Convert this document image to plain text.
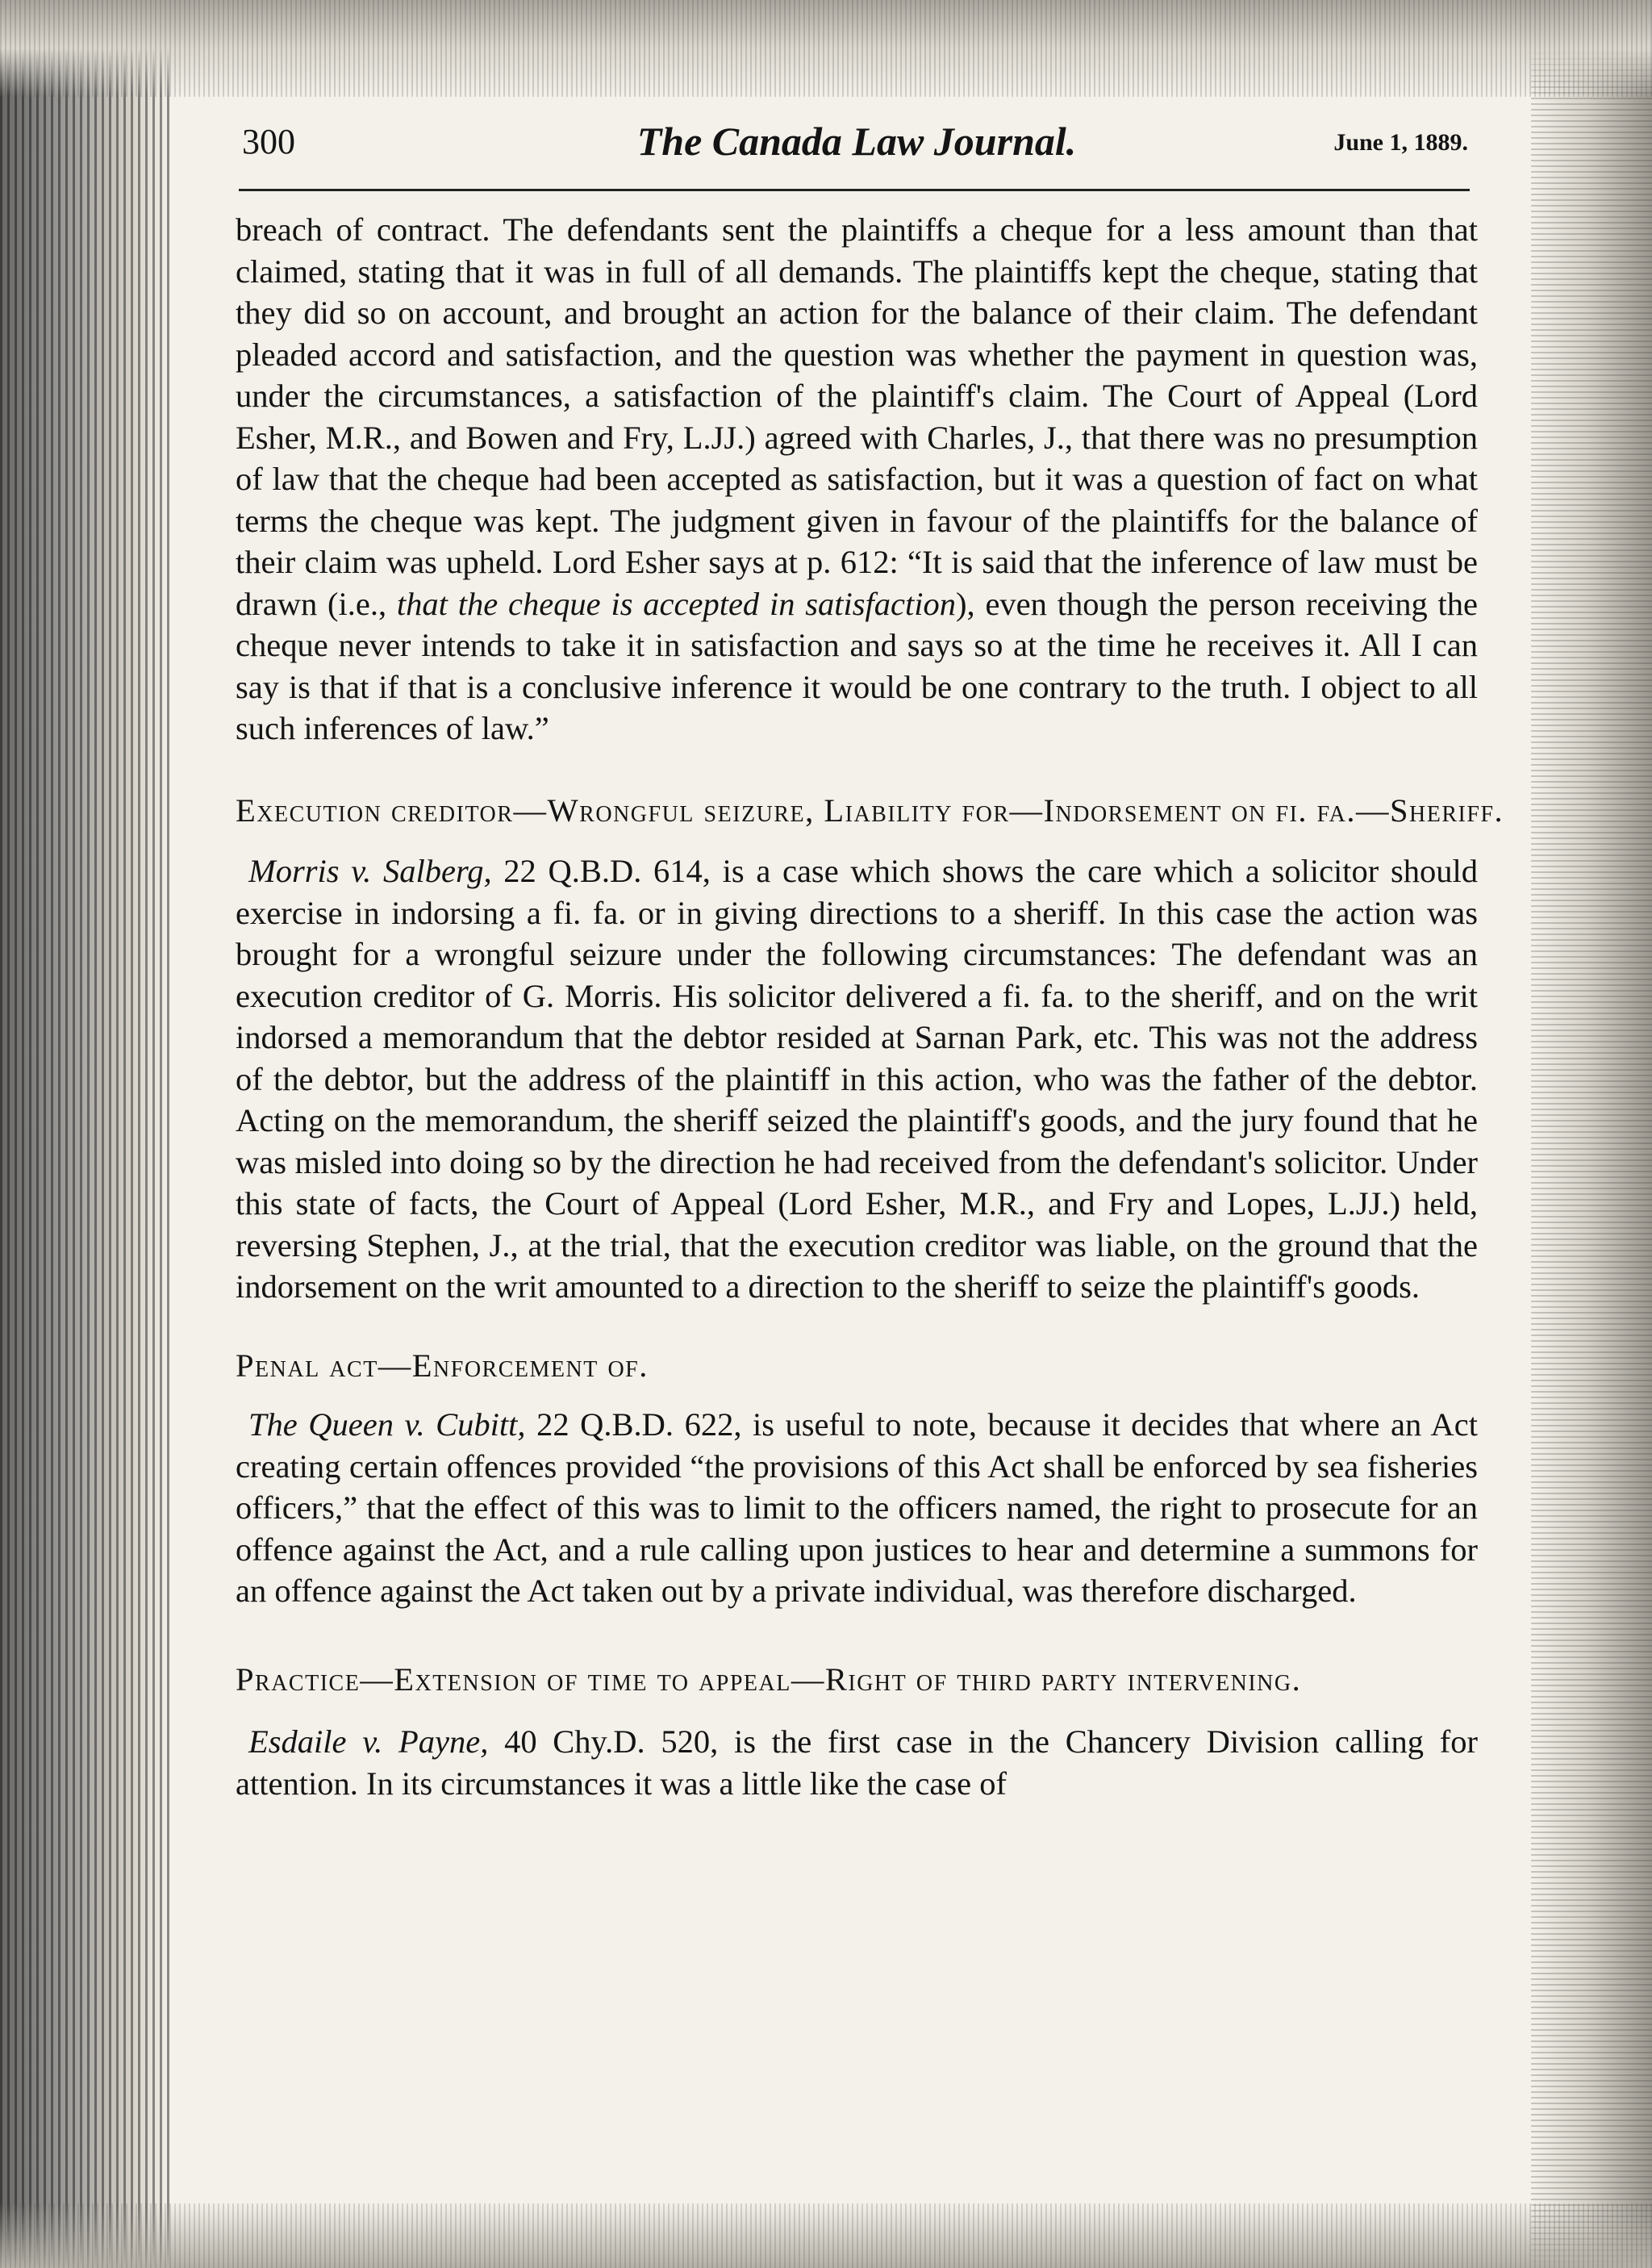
300	The Canada Law Journal.	June 1, 1889.

breach of contract. The defendants sent the plaintiffs a cheque for a less amount than that claimed, stating that it was in full of all demands. The plaintiffs kept the cheque, stating that they did so on account, and brought an action for the balance of their claim. The defendant pleaded accord and satisfaction, and the question was whether the payment in question was, under the circumstances, a satisfaction of the plaintiff's claim. The Court of Appeal (Lord Esher, M.R., and Bowen and Fry, L.JJ.) agreed with Charles, J., that there was no presumption of law that the cheque had been accepted as satisfaction, but it was a question of fact on what terms the cheque was kept. The judgment given in favour of the plaintiffs for the balance of their claim was upheld. Lord Esher says at p. 612: “It is said that the inference of law must be drawn (i.e., that the cheque is accepted in satisfaction), even though the person receiving the cheque never intends to take it in satisfaction and says so at the time he receives it. All I can say is that if that is a conclusive inference it would be one contrary to the truth. I object to all such inferences of law.”

Execution creditor—Wrongful seizure, Liability for—Indorsement on fi. fa.—Sheriff.

Morris v. Salberg, 22 Q.B.D. 614, is a case which shows the care which a solicitor should exercise in indorsing a fi. fa. or in giving directions to a sheriff. In this case the action was brought for a wrongful seizure under the following circumstances: The defendant was an execution creditor of G. Morris. His solicitor delivered a fi. fa. to the sheriff, and on the writ indorsed a memorandum that the debtor resided at Sarnan Park, etc. This was not the address of the debtor, but the address of the plaintiff in this action, who was the father of the debtor. Acting on the memorandum, the sheriff seized the plaintiff's goods, and the jury found that he was misled into doing so by the direction he had received from the defendant's solicitor. Under this state of facts, the Court of Appeal (Lord Esher, M.R., and Fry and Lopes, L.JJ.) held, reversing Stephen, J., at the trial, that the execution creditor was liable, on the ground that the indorsement on the writ amounted to a direction to the sheriff to seize the plaintiff's goods.

Penal act—Enforcement of.

The Queen v. Cubitt, 22 Q.B.D. 622, is useful to note, because it decides that where an Act creating certain offences provided “the provisions of this Act shall be enforced by sea fisheries officers,” that the effect of this was to limit to the officers named, the right to prosecute for an offence against the Act, and a rule calling upon justices to hear and determine a summons for an offence against the Act taken out by a private individual, was therefore discharged.

Practice—Extension of time to appeal—Right of third party intervening.

Esdaile v. Payne, 40 Chy.D. 520, is the first case in the Chancery Division calling for attention. In its circumstances it was a little like the case of
